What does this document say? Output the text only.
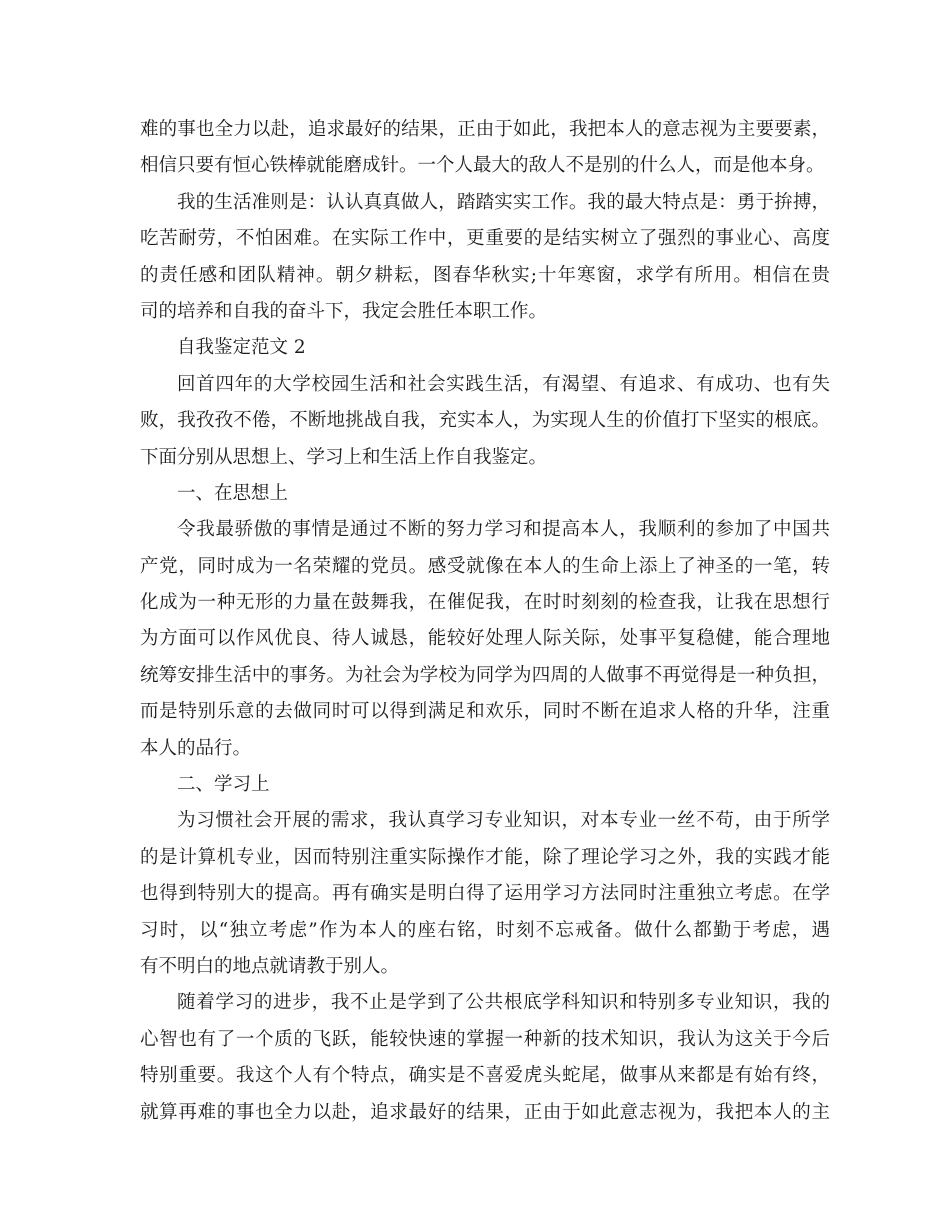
难的事也全力以赴，追求最好的结果，正由于如此，我把本人的意志视为主要要素，
相信只要有恒心铁棒就能磨成针。一个人最大的敌人不是别的什么人，而是他本身。
我的生活准则是：认认真真做人，踏踏实实工作。我的最大特点是：勇于拚搏，
吃苦耐劳，不怕困难。在实际工作中，更重要的是结实树立了强烈的事业心、高度
的责任感和团队精神。朝夕耕耘，图春华秋实;十年寒窗，求学有所用。相信在贵
司的培养和自我的奋斗下，我定会胜任本职工作。
自我鉴定范文 2
回首四年的大学校园生活和社会实践生活，有渴望、有追求、有成功、也有失
败，我孜孜不倦，不断地挑战自我，充实本人，为实现人生的价值打下坚实的根底。
下面分别从思想上、学习上和生活上作自我鉴定。
一、在思想上
令我最骄傲的事情是通过不断的努力学习和提高本人，我顺利的参加了中国共
产党，同时成为一名荣耀的党员。感受就像在本人的生命上添上了神圣的一笔，转
化成为一种无形的力量在鼓舞我，在催促我，在时时刻刻的检查我，让我在思想行
为方面可以作风优良、待人诚恳，能较好处理人际关际，处事平复稳健，能合理地
统筹安排生活中的事务。为社会为学校为同学为四周的人做事不再觉得是一种负担，
而是特别乐意的去做同时可以得到满足和欢乐，同时不断在追求人格的升华，注重
本人的品行。
二、学习上
为习惯社会开展的需求，我认真学习专业知识，对本专业一丝不苟，由于所学
的是计算机专业，因而特别注重实际操作才能，除了理论学习之外，我的实践才能
也得到特别大的提高。再有确实是明白得了运用学习方法同时注重独立考虑。在学
习时，以“独立考虑”作为本人的座右铭，时刻不忘戒备。做什么都勤于考虑，遇
有不明白的地点就请教于别人。
随着学习的进步，我不止是学到了公共根底学科知识和特别多专业知识，我的
心智也有了一个质的飞跃，能较快速的掌握一种新的技术知识，我认为这关于今后
特别重要。我这个人有个特点，确实是不喜爱虎头蛇尾，做事从来都是有始有终，
就算再难的事也全力以赴，追求最好的结果，正由于如此意志视为，我把本人的主
